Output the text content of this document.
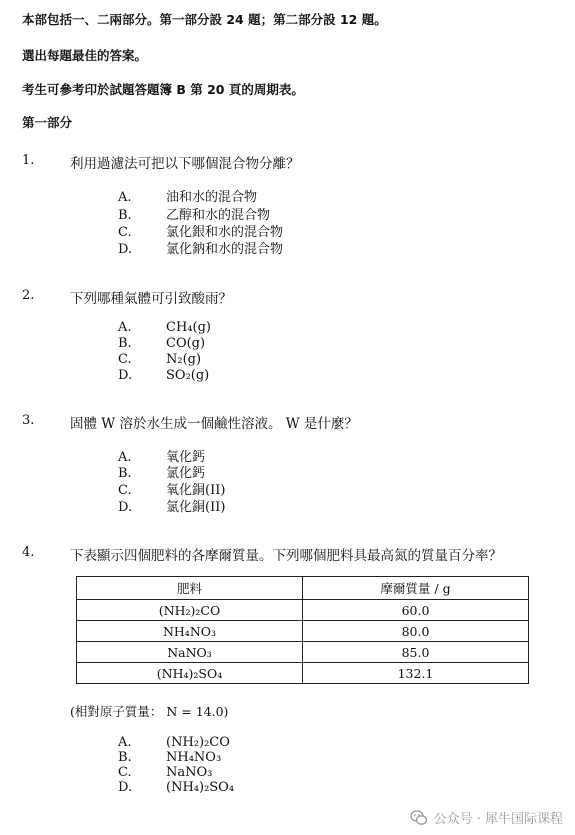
本部包括一、二兩部分。第一部分設 24 題；第二部分設 12 題。
選出每題最佳的答案。
考生可參考印於試題答題簿 B 第 20 頁的周期表。
第一部分
1.	利用過濾法可把以下哪個混合物分離？
A.	油和水的混合物
B.	乙醇和水的混合物
C.	氯化銀和水的混合物
D.	氯化鈉和水的混合物
2.	下列哪種氣體可引致酸雨？
A.	CH₄(g)
B.	CO(g)
C.	N₂(g)
D.	SO₂(g)
3.	固體 W 溶於水生成一個鹼性溶液。 W 是什麼？
A.	氧化鈣
B.	氯化鈣
C.	氧化銅(II)
D.	氯化銅(II)
4.	下表顯示四個肥料的各摩爾質量。下列哪個肥料具最高氮的質量百分率？
肥料	摩爾質量 / g
(NH₂)₂CO	60.0
NH₄NO₃	80.0
NaNO₃	85.0
(NH₄)₂SO₄	132.1
(相對原子質量： N = 14.0)
A.	(NH₂)₂CO
B.	NH₄NO₃
C.	NaNO₃
D.	(NH₄)₂SO₄
公众号 · 犀牛国际课程
